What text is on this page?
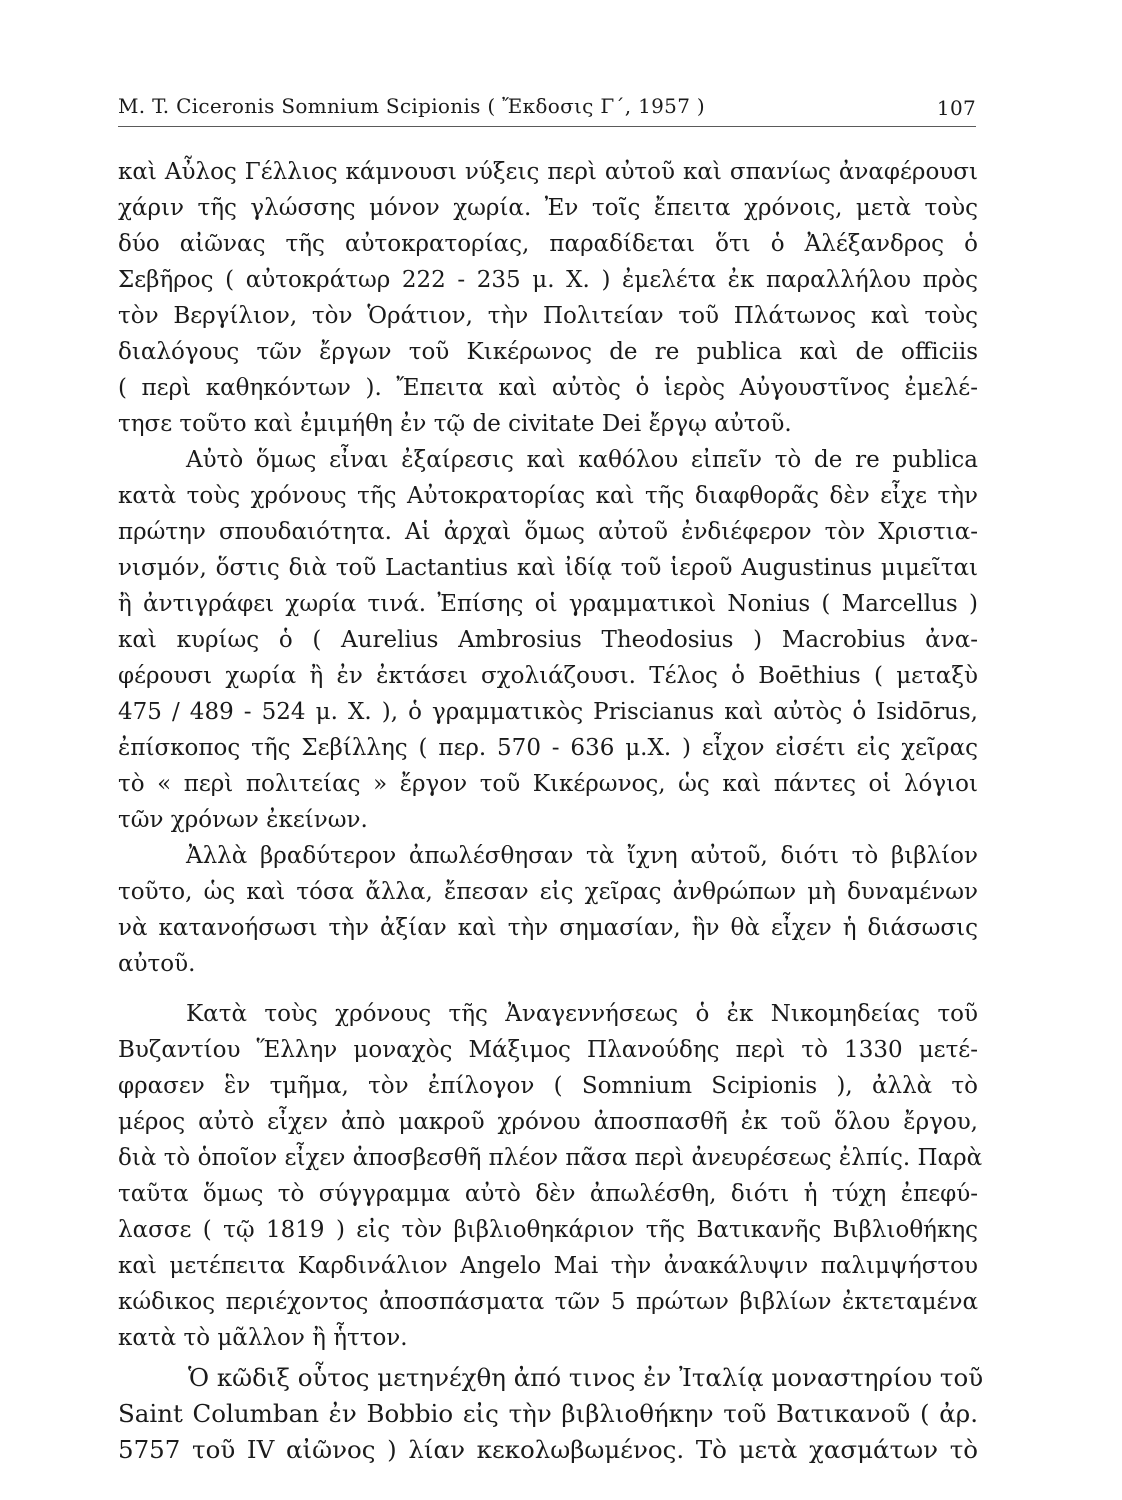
M. T. Ciceronis Somnium Scipionis ( Ἔκδοσις Γ΄, 1957 )	107
καὶ Αὖλος Γέλλιος κάμνουσι νύξεις περὶ αὐτοῦ καὶ σπανίως ἀναφέρουσι
χάριν τῆς γλώσσης μόνον χωρία. Ἐν τοῖς ἔπειτα χρόνοις, μετὰ τοὺς
δύο αἰῶνας τῆς αὐτοκρατορίας, παραδίδεται ὅτι ὁ Ἀλέξανδρος ὁ
Σεβῆρος ( αὐτοκράτωρ 222 - 235 μ. Χ. ) ἐμελέτα ἐκ παραλλήλου πρὸς
τὸν Βεργίλιον, τὸν Ὁράτιον, τὴν Πολιτείαν τοῦ Πλάτωνος καὶ τοὺς
διαλόγους τῶν ἔργων τοῦ Κικέρωνος de re publica καὶ de officiis
( περὶ καθηκόντων ). Ἔπειτα καὶ αὐτὸς ὁ ἱερὸς Αὐγουστῖνος ἐμελέ-
τησε τοῦτο καὶ ἐμιμήθη ἐν τῷ de civitate Dei ἔργῳ αὐτοῦ.
Αὐτὸ ὅμως εἶναι ἐξαίρεσις καὶ καθόλου εἰπεῖν τὸ de re publica
κατὰ τοὺς χρόνους τῆς Αὐτοκρατορίας καὶ τῆς διαφθορᾶς δὲν εἶχε τὴν
πρώτην σπουδαιότητα. Αἱ ἀρχαὶ ὅμως αὐτοῦ ἐνδιέφερον τὸν Χριστια-
νισμόν, ὅστις διὰ τοῦ Lactantius καὶ ἰδίᾳ τοῦ ἱεροῦ Augustinus μιμεῖται
ἢ ἀντιγράφει χωρία τινά. Ἐπίσης οἱ γραμματικοὶ Nonius ( Marcellus )
καὶ κυρίως ὁ ( Aurelius Ambrosius Theodosius ) Macrobius ἀνα-
φέρουσι χωρία ἢ ἐν ἐκτάσει σχολιάζουσι. Τέλος ὁ Boēthius ( μεταξὺ
475 / 489 - 524 μ. Χ. ), ὁ γραμματικὸς Priscianus καὶ αὐτὸς ὁ Isidōrus,
ἐπίσκοπος τῆς Σεβίλλης ( περ. 570 - 636 μ.Χ. ) εἶχον εἰσέτι εἰς χεῖρας
τὸ « περὶ πολιτείας » ἔργον τοῦ Κικέρωνος, ὡς καὶ πάντες οἱ λόγιοι
τῶν χρόνων ἐκείνων.
Ἀλλὰ βραδύτερον ἀπωλέσθησαν τὰ ἴχνη αὐτοῦ, διότι τὸ βιβλίον
τοῦτο, ὡς καὶ τόσα ἄλλα, ἔπεσαν εἰς χεῖρας ἀνθρώπων μὴ δυναμένων
νὰ κατανοήσωσι τὴν ἀξίαν καὶ τὴν σημασίαν, ἣν θὰ εἶχεν ἡ διάσωσις
αὐτοῦ.
Κατὰ τοὺς χρόνους τῆς Ἀναγεννήσεως ὁ ἐκ Νικομηδείας τοῦ
Βυζαντίου Ἕλλην μοναχὸς Μάξιμος Πλανούδης περὶ τὸ 1330 μετέ-
φρασεν ἓν τμῆμα, τὸν ἐπίλογον ( Somnium Scipionis ), ἀλλὰ τὸ
μέρος αὐτὸ εἶχεν ἀπὸ μακροῦ χρόνου ἀποσπασθῆ ἐκ τοῦ ὅλου ἔργου,
διὰ τὸ ὁποῖον εἶχεν ἀποσβεσθῆ πλέον πᾶσα περὶ ἀνευρέσεως ἐλπίς. Παρὰ
ταῦτα ὅμως τὸ σύγγραμμα αὐτὸ δὲν ἀπωλέσθη, διότι ἡ τύχη ἐπεφύ-
λασσε ( τῷ 1819 ) εἰς τὸν βιβλιοθηκάριον τῆς Βατικανῆς Βιβλιοθήκης
καὶ μετέπειτα Καρδινάλιον Angelo Mai τὴν ἀνακάλυψιν παλιμψήστου
κώδικος περιέχοντος ἀποσπάσματα τῶν 5 πρώτων βιβλίων ἐκτεταμένα
κατὰ τὸ μᾶλλον ἢ ἧττον.
Ὁ κῶδιξ οὗτος μετηνέχθη ἀπό τινος ἐν Ἰταλίᾳ μοναστηρίου τοῦ
Saint Columban ἐν Bobbio εἰς τὴν βιβλιοθήκην τοῦ Βατικανοῦ ( ἀρ.
5757 τοῦ IV αἰῶνος ) λίαν κεκολωβωμένος. Τὸ μετὰ χασμάτων τὸ
